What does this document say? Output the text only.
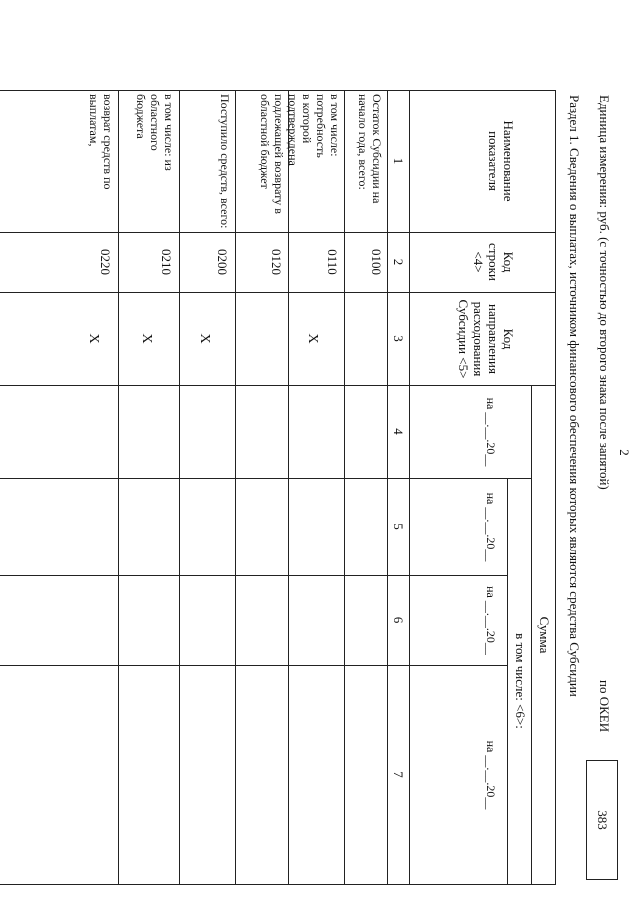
2
Единица измерения: руб. (с точностью до второго знака после запятой)
по ОКЕИ
383
Раздел 1. Сведения о выплатах, источником финансового обеспечения которых являются средства Субсидии
Наименование показателя
Код строки <4>
Код направления расходования Субсидии <5>
Сумма
в том числе: <6>:
на __.__.20__
на __.__.20__
на __.__.20__
на __.__.20__
1
2
3
4
5
6
7
Остаток Субсидии на начало года, всего:
0100
в том числе: потребность в которой подтверждена
0110
X
подлежащей возврату в областной бюджет
0120
Поступило средств, всего:
0200
X
в том числе: из областного бюджета
0210
X
возврат средств по выплатам,
0220
X
